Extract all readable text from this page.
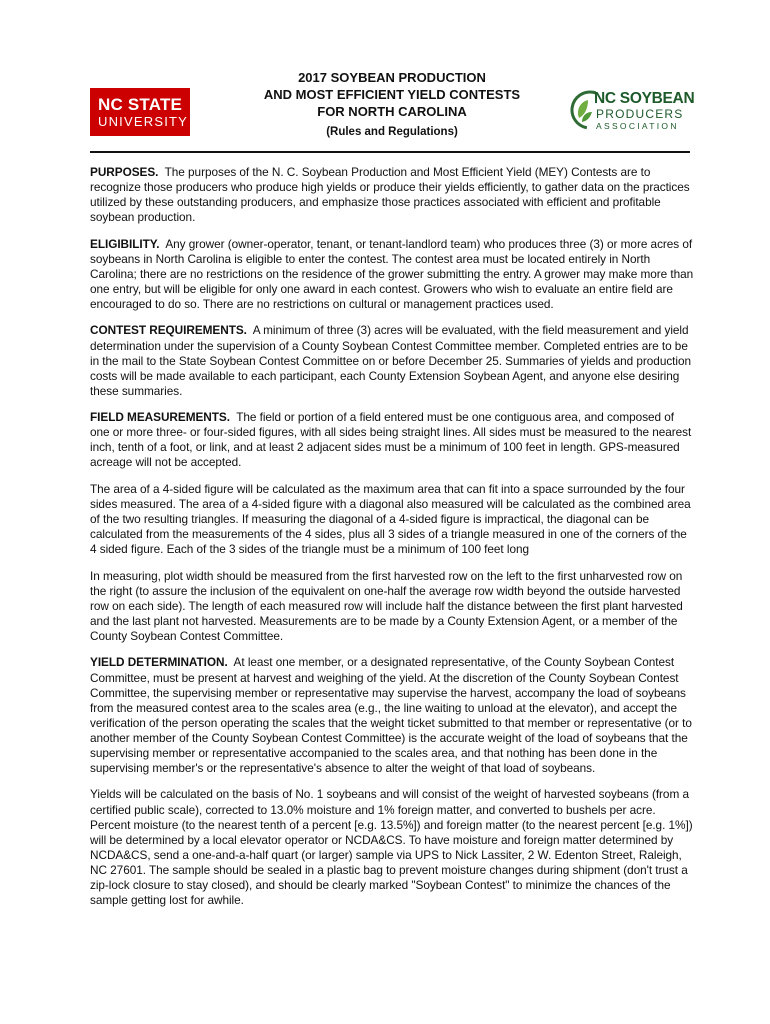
NC STATE
UNIVERSITY

2017 SOYBEAN PRODUCTION

AND MOST EFFICIENT YIELD CONTESTS

FOR NORTH CAROLINA

(Rules and Regulations)
NC SOYBEAN
PRODUCERS
ASSOCIATION

PURPOSES. The purposes of the N. C. Soybean Production and Most Efficient Yield (MEY) Contests are to recognize those producers who produce high yields or produce their yields efficiently, to gather data on the practices utilized by these outstanding producers, and emphasize those practices associated with efficient and profitable soybean production.

ELIGIBILITY. Any grower (owner-operator, tenant, or tenant-landlord team) who produces three (3) or more acres of soybeans in North Carolina is eligible to enter the contest. The contest area must be located entirely in North Carolina; there are no restrictions on the residence of the grower submitting the entry. A grower may make more than one entry, but will be eligible for only one award in each contest. Growers who wish to evaluate an entire field are encouraged to do so. There are no restrictions on cultural or management practices used.

CONTEST REQUIREMENTS. A minimum of three (3) acres will be evaluated, with the field measurement and yield determination under the supervision of a County Soybean Contest Committee member. Completed entries are to be in the mail to the State Soybean Contest Committee on or before December 25. Summaries of yields and production costs will be made available to each participant, each County Extension Soybean Agent, and anyone else desiring these summaries.

FIELD MEASUREMENTS. The field or portion of a field entered must be one contiguous area, and composed of one or more three- or four-sided figures, with all sides being straight lines. All sides must be measured to the nearest inch, tenth of a foot, or link, and at least 2 adjacent sides must be a minimum of 100 feet in length. GPS-measured acreage will not be accepted.

The area of a 4-sided figure will be calculated as the maximum area that can fit into a space surrounded by the four sides measured. The area of a 4-sided figure with a diagonal also measured will be calculated as the combined area of the two resulting triangles. If measuring the diagonal of a 4-sided figure is impractical, the diagonal can be calculated from the measurements of the 4 sides, plus all 3 sides of a triangle measured in one of the corners of the 4 sided figure. Each of the 3 sides of the triangle must be a minimum of 100 feet long

In measuring, plot width should be measured from the first harvested row on the left to the first unharvested row on the right (to assure the inclusion of the equivalent on one-half the average row width beyond the outside harvested row on each side). The length of each measured row will include half the distance between the first plant harvested and the last plant not harvested. Measurements are to be made by a County Extension Agent, or a member of the County Soybean Contest Committee.

YIELD DETERMINATION. At least one member, or a designated representative, of the County Soybean Contest Committee, must be present at harvest and weighing of the yield. At the discretion of the County Soybean Contest Committee, the supervising member or representative may supervise the harvest, accompany the load of soybeans from the measured contest area to the scales area (e.g., the line waiting to unload at the elevator), and accept the verification of the person operating the scales that the weight ticket submitted to that member or representative (or to another member of the County Soybean Contest Committee) is the accurate weight of the load of soybeans that the supervising member or representative accompanied to the scales area, and that nothing has been done in the supervising member's or the representative's absence to alter the weight of that load of soybeans.

Yields will be calculated on the basis of No. 1 soybeans and will consist of the weight of harvested soybeans (from a certified public scale), corrected to 13.0% moisture and 1% foreign matter, and converted to bushels per acre. Percent moisture (to the nearest tenth of a percent [e.g. 13.5%]) and foreign matter (to the nearest percent [e.g. 1%]) will be determined by a local elevator operator or NCDA&CS. To have moisture and foreign matter determined by NCDA&CS, send a one-and-a-half quart (or larger) sample via UPS to Nick Lassiter, 2 W. Edenton Street, Raleigh, NC 27601. The sample should be sealed in a plastic bag to prevent moisture changes during shipment (don't trust a zip-lock closure to stay closed), and should be clearly marked "Soybean Contest" to minimize the chances of the sample getting lost for awhile.
